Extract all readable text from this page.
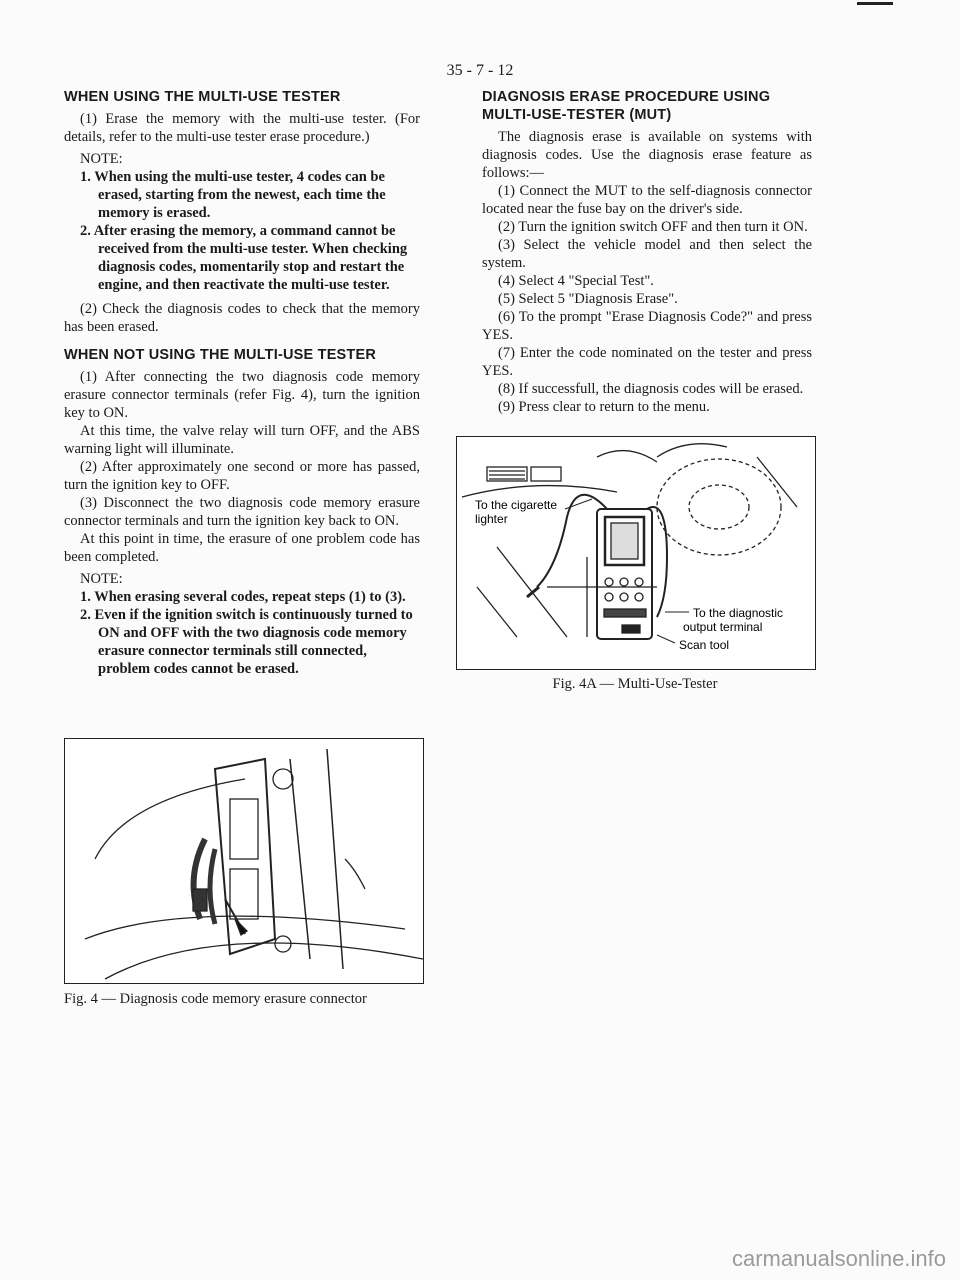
35 - 7 - 12
WHEN USING THE MULTI-USE TESTER

(1) Erase the memory with the multi-use tester. (For details, refer to the multi-use tester erase procedure.)

NOTE:
1. When using the multi-use tester, 4 codes can be erased, starting from the newest, each time the memory is erased.
2. After erasing the memory, a command cannot be received from the multi-use tester. When checking diagnosis codes, momentarily stop and restart the engine, and then reactivate the multi-use tester.

(2) Check the diagnosis codes to check that the memory has been erased.

WHEN NOT USING THE MULTI-USE TESTER

(1) After connecting the two diagnosis code memory erasure connector terminals (refer Fig. 4), turn the ignition key to ON.

At this time, the valve relay will turn OFF, and the ABS warning light will illuminate.

(2) After approximately one second or more has passed, turn the ignition key to OFF.

(3) Disconnect the two diagnosis code memory erasure connector terminals and turn the ignition key back to ON.

At this point in time, the erasure of one problem code has been completed.

NOTE:
1. When erasing several codes, repeat steps (1) to (3).
2. Even if the ignition switch is continuously turned to ON and OFF with the two diagnosis code memory erasure connector terminals still connected, problem codes cannot be erased.
DIAGNOSIS ERASE PROCEDURE USING MULTI-USE-TESTER (MUT)

The diagnosis erase is available on systems with diagnosis codes. Use the diagnosis erase feature as follows:—

(1) Connect the MUT to the self-diagnosis connector located near the fuse bay on the driver's side.

(2) Turn the ignition switch OFF and then turn it ON.

(3) Select the vehicle model and then select the system.

(4) Select 4 "Special Test".

(5) Select 5 "Diagnosis Erase".

(6) To the prompt "Erase Diagnosis Code?" and press YES.

(7) Enter the code nominated on the tester and press YES.

(8) If successfull, the diagnosis codes will be erased.

(9) Press clear to return to the menu.

To the cigarette
lighter
To the diagnostic
output terminal
Scan tool
Fig. 4A — Multi-Use-Tester
Fig. 4 — Diagnosis code memory erasure connector
carmanualsonline.info
